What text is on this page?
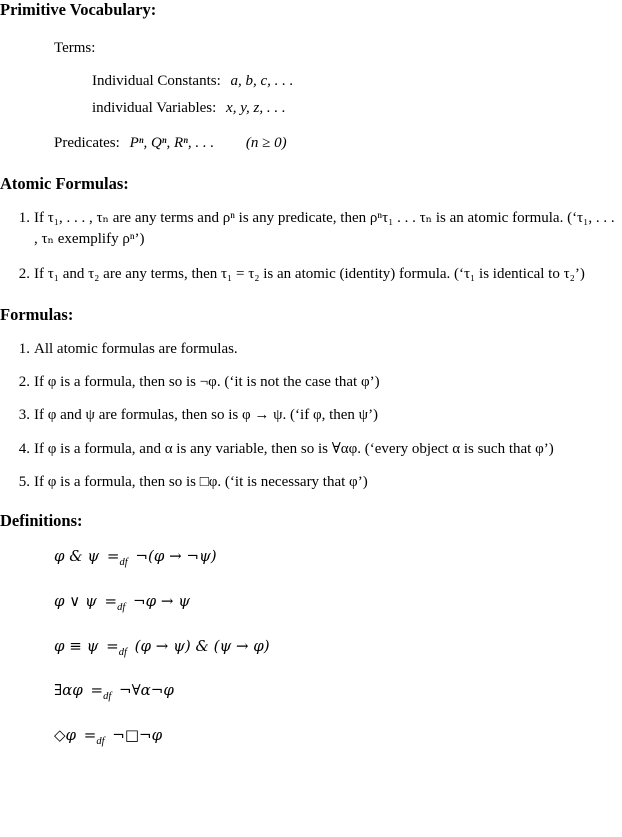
Primitive Vocabulary:
Terms:
Individual Constants: a, b, c, . . .
individual Variables: x, y, z, . . .
Predicates: Pⁿ, Qⁿ, Rⁿ, . . . (n ≥ 0)
Atomic Formulas:
1. If τ₁, . . . , τₙ are any terms and ρⁿ is any predicate, then ρⁿτ₁ . . . τₙ is an atomic formula. (‘τ₁, . . . , τₙ exemplify ρⁿ’)
2. If τ₁ and τ₂ are any terms, then τ₁ = τ₂ is an atomic (identity) formula. (‘τ₁ is identical to τ₂’)
Formulas:
1. All atomic formulas are formulas.
2. If φ is a formula, then so is ¬φ. (‘it is not the case that φ’)
3. If φ and ψ are formulas, then so is φ → ψ. (‘if φ, then ψ’)
4. If φ is a formula, and α is any variable, then so is ∀αφ. (‘every object α is such that φ’)
5. If φ is a formula, then so is □φ. (‘it is necessary that φ’)
Definitions:
φ & $\psi =_{df}$ ¬(φ → ¬ψ)
φ ∨ $\psi =_{df}$ ¬φ → ψ
$\varphi \equiv \psi =_{df}$ (φ → ψ) & (ψ → φ)
∃αφ $=_{df}$ ¬∀α¬φ
◇φ $=_{df}$ ¬□¬φ
